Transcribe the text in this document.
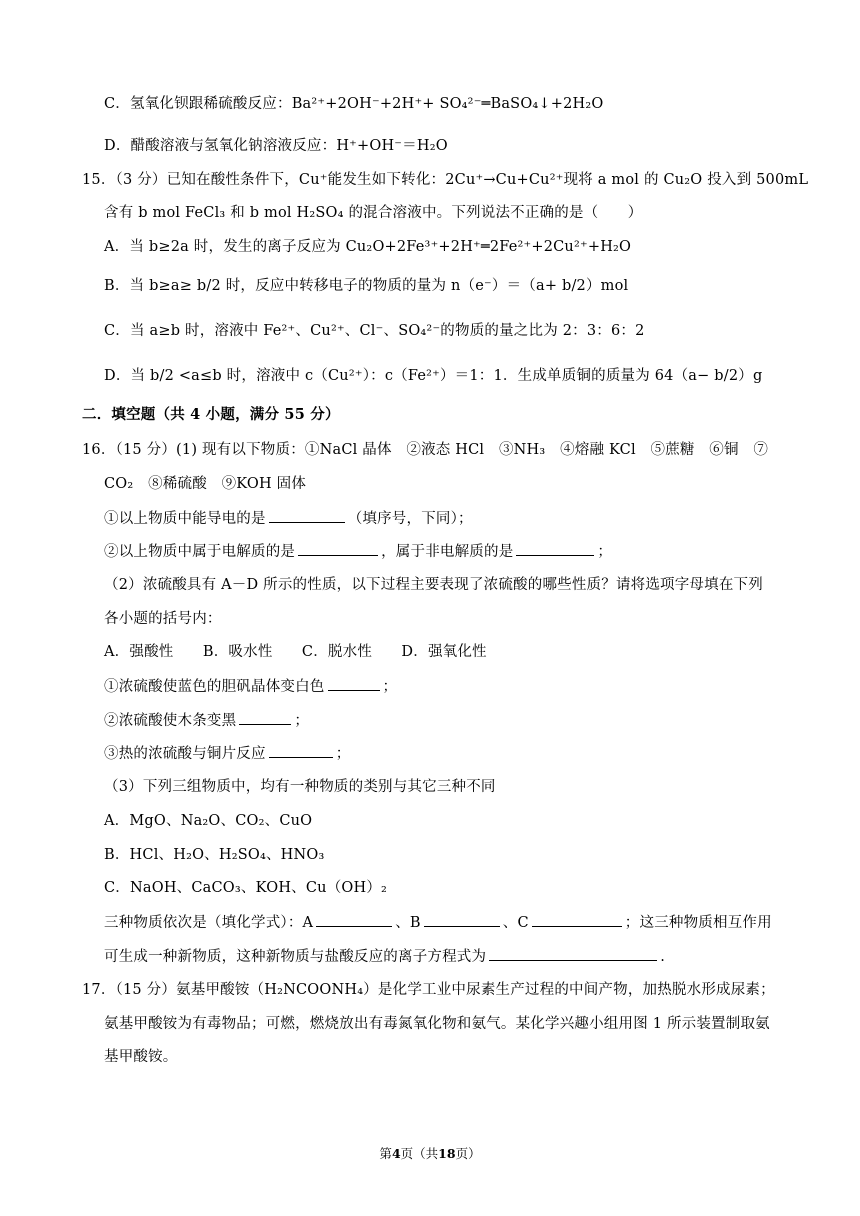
C．氢氧化钡跟稀硫酸反应：Ba²⁺+2OH⁻+2H⁺+ SO₄²⁻═BaSO₄↓+2H₂O
D．醋酸溶液与氢氧化钠溶液反应：H⁺+OH⁻＝H₂O
15．（3 分）已知在酸性条件下，Cu⁺能发生如下转化：2Cu⁺→Cu+Cu²⁺现将 a mol 的 Cu₂O 投入到 500mL
含有 b mol FeCl₃ 和 b mol H₂SO₄ 的混合溶液中。下列说法不正确的是（　　）
A．当 b≥2a 时，发生的离子反应为 Cu₂O+2Fe³⁺+2H⁺═2Fe²⁺+2Cu²⁺+H₂O
B．当 b≥a≥ b/2 时，反应中转移电子的物质的量为 n（e⁻）＝（a+ b/2）mol
C．当 a≥b 时，溶液中 Fe²⁺、Cu²⁺、Cl⁻、SO₄²⁻的物质的量之比为 2：3：6：2
D．当 b/2 <a≤b 时，溶液中 c（Cu²⁺）：c（Fe²⁺）＝1：1．生成单质铜的质量为 64（a− b/2）g
二．填空题（共 4 小题，满分 55 分）
16．（15 分）(1) 现有以下物质：①NaCl 晶体　②液态 HCl　③NH₃　④熔融 KCl　⑤蔗糖　⑥铜　⑦
CO₂　⑧稀硫酸　⑨KOH 固体
①以上物质中能导电的是	（填序号，下同）；
②以上物质中属于电解质的是	，属于非电解质的是	；
（2）浓硫酸具有 A－D 所示的性质，以下过程主要表现了浓硫酸的哪些性质？请将选项字母填在下列
各小题的括号内：
A．强酸性　　B．吸水性　　C．脱水性　　D．强氧化性
①浓硫酸使蓝色的胆矾晶体变白色	；
②浓硫酸使木条变黑	；
③热的浓硫酸与铜片反应	；
（3）下列三组物质中，均有一种物质的类别与其它三种不同
A．MgO、Na₂O、CO₂、CuO
B．HCl、H₂O、H₂SO₄、HNO₃
C．NaOH、CaCO₃、KOH、Cu（OH）₂
三种物质依次是（填化学式）：A	、B	、C	；这三种物质相互作用
可生成一种新物质，这种新物质与盐酸反应的离子方程式为	.
17．（15 分）氨基甲酸铵（H₂NCOONH₄）是化学工业中尿素生产过程的中间产物，加热脱水形成尿素；
氨基甲酸铵为有毒物品；可燃，燃烧放出有毒氮氧化物和氨气。某化学兴趣小组用图 1 所示装置制取氨
基甲酸铵。
第4页（共18页）
